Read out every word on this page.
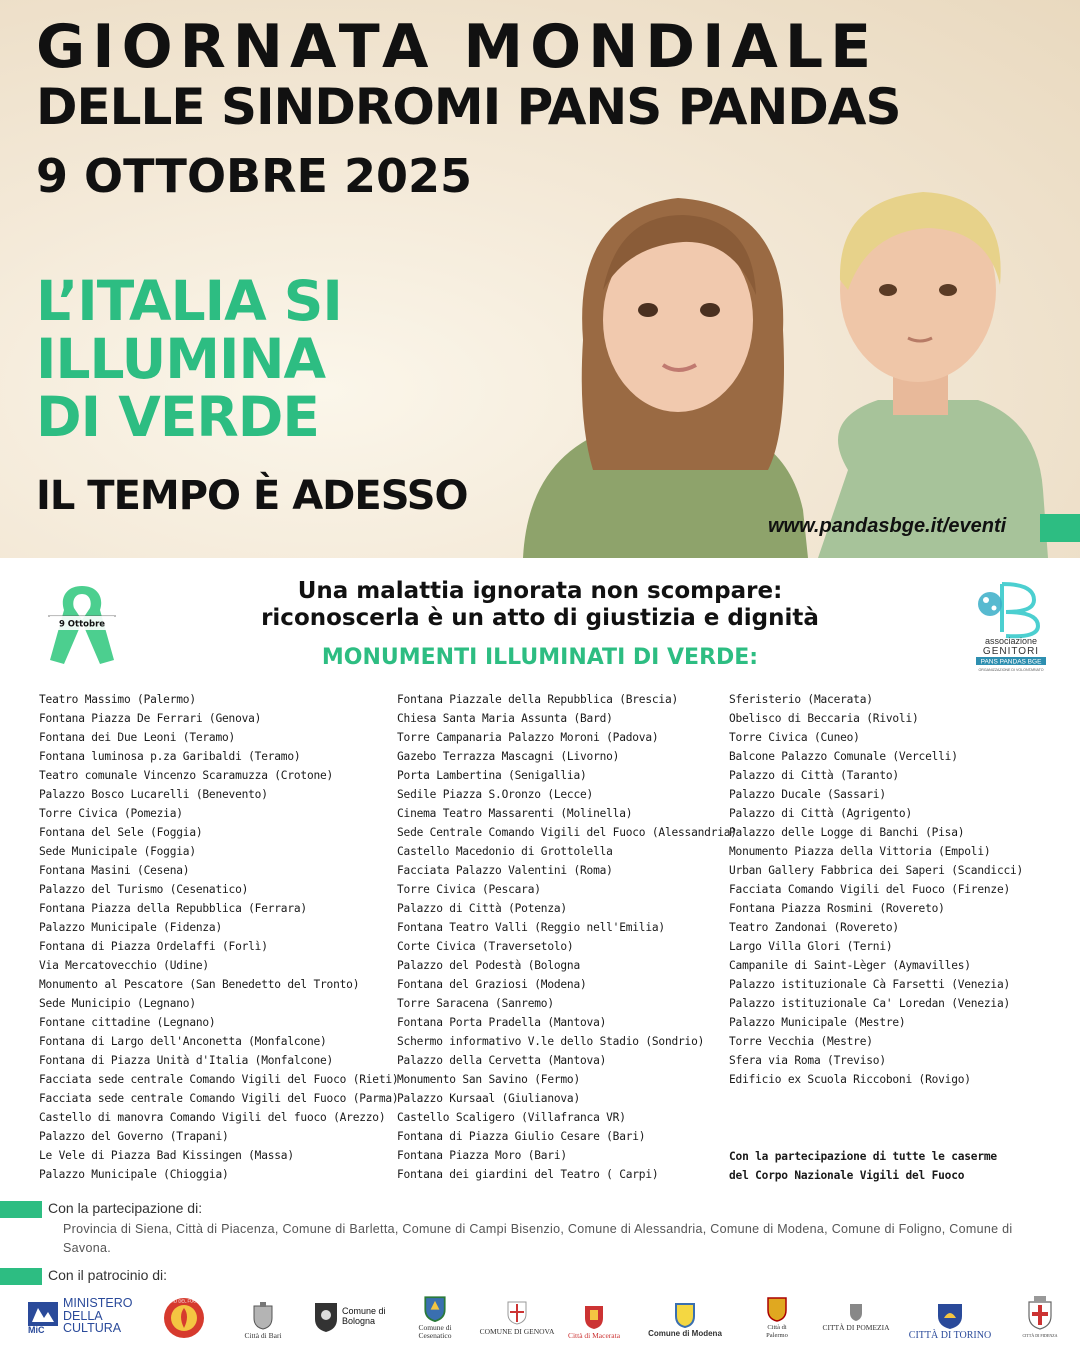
GIORNATA MONDIALE
DELLE SINDROMI PANS PANDAS
9 OTTOBRE 2025
L’ITALIA SI
ILLUMINA
DI VERDE
IL TEMPO È ADESSO
www.pandasbge.it/eventi
9 Ottobre
Una malattia ignorata non scompare:
riconoscerla è un atto di giustizia e dignità
MONUMENTI ILLUMINATI DI VERDE:
associazione
GENITORI
PANS PANDAS BGE
ORGANIZZAZIONE DI VOLONTARIATO
Teatro Massimo (Palermo)
Fontana Piazza De Ferrari (Genova)
Fontana dei Due Leoni (Teramo)
Fontana luminosa p.za Garibaldi (Teramo)
Teatro comunale Vincenzo Scaramuzza (Crotone)
Palazzo Bosco Lucarelli (Benevento)
Torre Civica (Pomezia)
Fontana del Sele (Foggia)
Sede Municipale (Foggia)
Fontana Masini (Cesena)
Palazzo del Turismo (Cesenatico)
Fontana Piazza della Repubblica (Ferrara)
Palazzo Municipale (Fidenza)
Fontana di Piazza Ordelaffi (Forlì)
Via Mercatovecchio (Udine)
Monumento al Pescatore (San Benedetto del Tronto)
Sede Municipio (Legnano)
Fontane cittadine (Legnano)
Fontana di Largo dell'Anconetta (Monfalcone)
Fontana di Piazza Unità d'Italia (Monfalcone)
Facciata sede centrale Comando Vigili del Fuoco (Rieti)
Facciata sede centrale Comando Vigili del Fuoco (Parma)
Castello di manovra Comando Vigili del fuoco (Arezzo)
Palazzo del Governo (Trapani)
Le Vele di Piazza Bad Kissingen (Massa)
Palazzo Municipale (Chioggia)
Fontana Piazzale della Repubblica (Brescia)
Chiesa Santa Maria Assunta (Bard)
Torre Campanaria Palazzo Moroni (Padova)
Gazebo Terrazza Mascagni (Livorno)
Porta Lambertina (Senigallia)
Sedile Piazza S.Oronzo (Lecce)
Cinema Teatro Massarenti (Molinella)
Sede Centrale Comando Vigili del Fuoco (Alessandria)
Castello Macedonio di Grottolella
Facciata Palazzo Valentini (Roma)
Torre Civica (Pescara)
Palazzo di Città (Potenza)
Fontana Teatro Valli (Reggio nell'Emilia)
Corte Civica (Traversetolo)
Palazzo del Podestà (Bologna
Fontana del Graziosi (Modena)
Torre Saracena (Sanremo)
Fontana Porta Pradella (Mantova)
Schermo informativo V.le dello Stadio (Sondrio)
Palazzo della Cervetta (Mantova)
Monumento San Savino (Fermo)
Palazzo Kursaal (Giulianova)
Castello Scaligero (Villafranca VR)
Fontana di Piazza Giulio Cesare (Bari)
Fontana Piazza Moro (Bari)
Fontana dei giardini del Teatro ( Carpi)
Sferisterio (Macerata)
Obelisco di Beccaria (Rivoli)
Torre Civica (Cuneo)
Balcone Palazzo Comunale (Vercelli)
Palazzo di Città (Taranto)
Palazzo Ducale (Sassari)
Palazzo di Città (Agrigento)
Palazzo delle Logge di Banchi (Pisa)
Monumento Piazza della Vittoria (Empoli)
Urban Gallery Fabbrica dei Saperi (Scandicci)
Facciata Comando Vigili del Fuoco (Firenze)
Fontana Piazza Rosmini (Rovereto)
Teatro Zandonai (Rovereto)
Largo Villa Glori (Terni)
Campanile di Saint-Lèger (Aymavilles)
Palazzo istituzionale Cà Farsetti (Venezia)
Palazzo istituzionale Ca' Loredan (Venezia)
Palazzo Municipale (Mestre)
Torre Vecchia (Mestre)
Sfera via Roma (Treviso)
Edificio ex Scuola Riccoboni (Rovigo)
Con la partecipazione di tutte le caserme del Corpo Nazionale Vigili del Fuoco
Con la partecipazione di:
Provincia di Siena, Città di Piacenza, Comune di Barletta, Comune di Campi Bisenzio, Comune di Alessandria, Comune di Modena, Comune di Foligno, Comune di Savona.
Con il patrocinio di:
MiC
MINISTERO
DELLA
CULTURA
VIGILI DEL FUOCO
Città di Bari
Comune di Bologna
Comune di Cesenatico	COMUNE DI GENOVA Città di Macerata	Comune di Modena
Città di Palermo
CITTÀ DI POMEZIA
CITTÀ DI TORINO	CITTÀ DI FIDENZA
